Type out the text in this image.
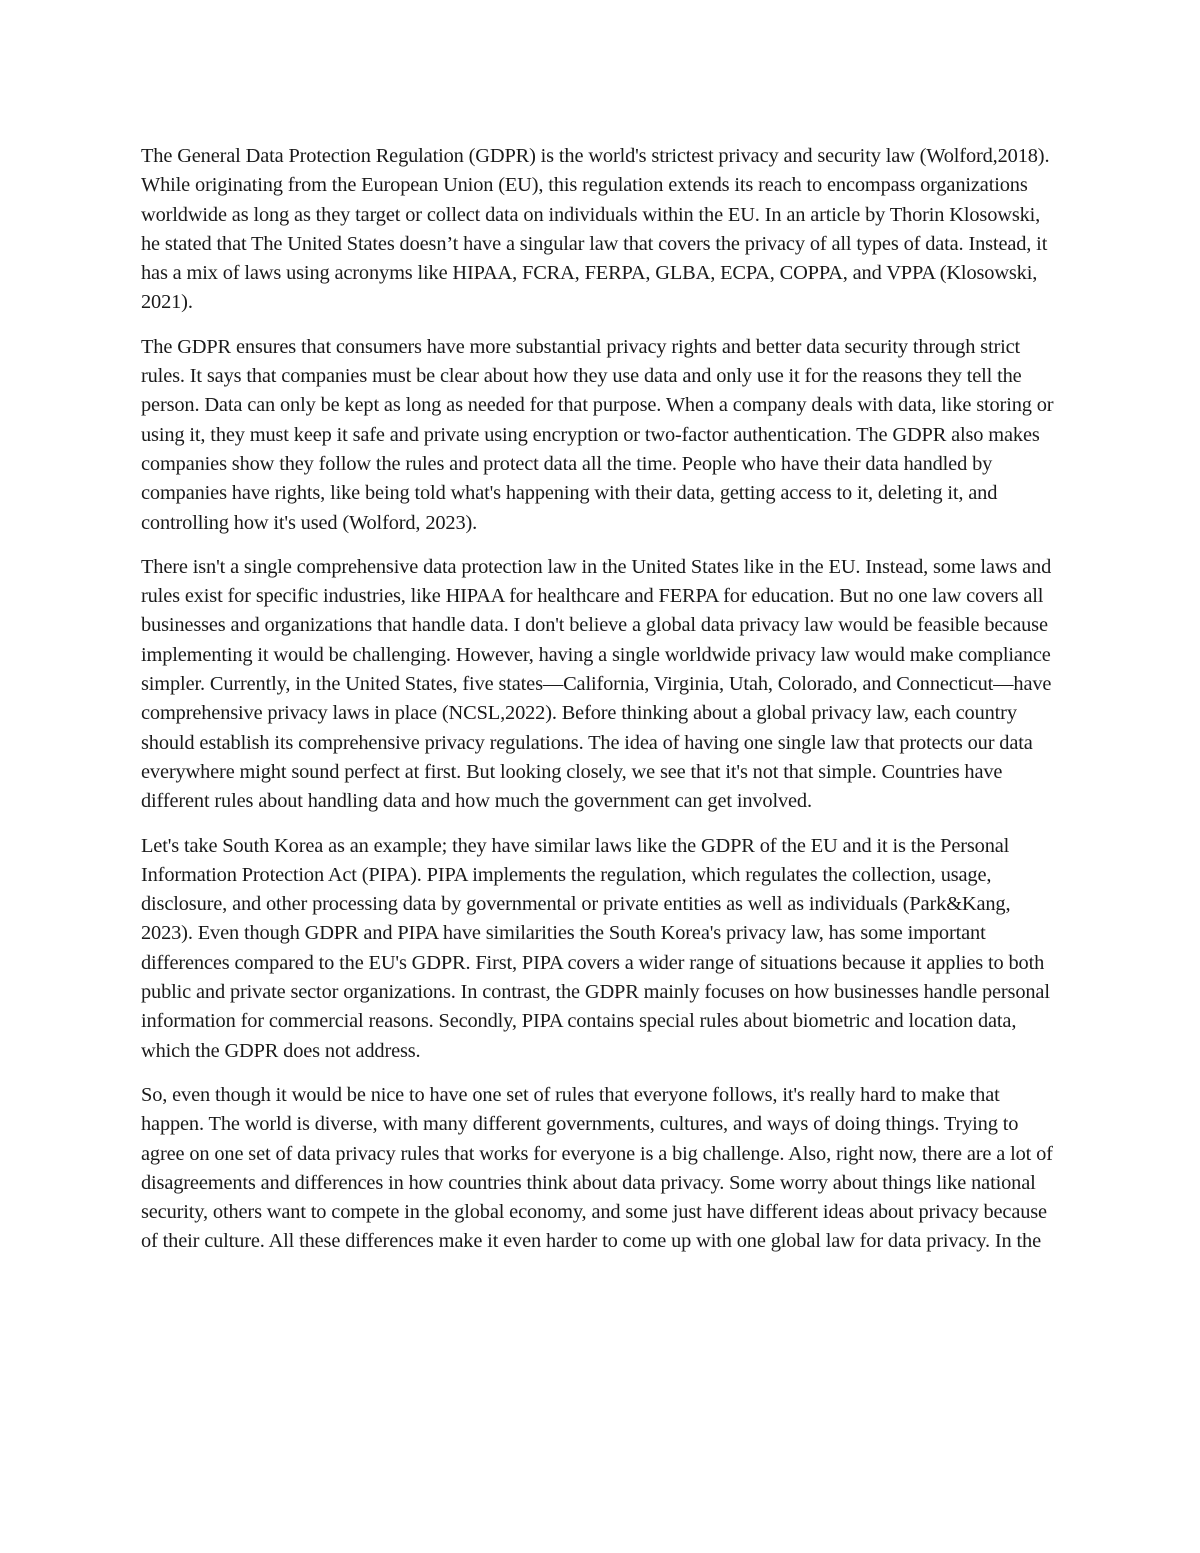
The General Data Protection Regulation (GDPR) is the world's strictest privacy and security law (Wolford,2018). While originating from the European Union (EU), this regulation extends its reach to encompass organizations worldwide as long as they target or collect data on individuals within the EU. In an article by Thorin Klosowski, he stated that The United States doesn’t have a singular law that covers the privacy of all types of data. Instead, it has a mix of laws using acronyms like HIPAA, FCRA, FERPA, GLBA, ECPA, COPPA, and VPPA (Klosowski, 2021).

The GDPR ensures that consumers have more substantial privacy rights and better data security through strict rules. It says that companies must be clear about how they use data and only use it for the reasons they tell the person. Data can only be kept as long as needed for that purpose. When a company deals with data, like storing or using it, they must keep it safe and private using encryption or two-factor authentication. The GDPR also makes companies show they follow the rules and protect data all the time. People who have their data handled by companies have rights, like being told what's happening with their data, getting access to it, deleting it, and controlling how it's used (Wolford, 2023).

There isn't a single comprehensive data protection law in the United States like in the EU. Instead, some laws and rules exist for specific industries, like HIPAA for healthcare and FERPA for education. But no one law covers all businesses and organizations that handle data. I don't believe a global data privacy law would be feasible because implementing it would be challenging. However, having a single worldwide privacy law would make compliance simpler. Currently, in the United States, five states—California, Virginia, Utah, Colorado, and Connecticut—have comprehensive privacy laws in place (NCSL,2022). Before thinking about a global privacy law, each country should establish its comprehensive privacy regulations. The idea of having one single law that protects our data everywhere might sound perfect at first. But looking closely, we see that it's not that simple. Countries have different rules about handling data and how much the government can get involved.

Let's take South Korea as an example; they have similar laws like the GDPR of the EU and it is the Personal Information Protection Act (PIPA). PIPA implements the regulation, which regulates the collection, usage, disclosure, and other processing data by governmental or private entities as well as individuals (Park&Kang, 2023). Even though GDPR and PIPA have similarities the South Korea's privacy law, has some important differences compared to the EU's GDPR. First, PIPA covers a wider range of situations because it applies to both public and private sector organizations. In contrast, the GDPR mainly focuses on how businesses handle personal information for commercial reasons. Secondly, PIPA contains special rules about biometric and location data, which the GDPR does not address.

So, even though it would be nice to have one set of rules that everyone follows, it's really hard to make that happen. The world is diverse, with many different governments, cultures, and ways of doing things. Trying to agree on one set of data privacy rules that works for everyone is a big challenge. Also, right now, there are a lot of disagreements and differences in how countries think about data privacy. Some worry about things like national security, others want to compete in the global economy, and some just have different ideas about privacy because of their culture. All these differences make it even harder to come up with one global law for data privacy. In the
